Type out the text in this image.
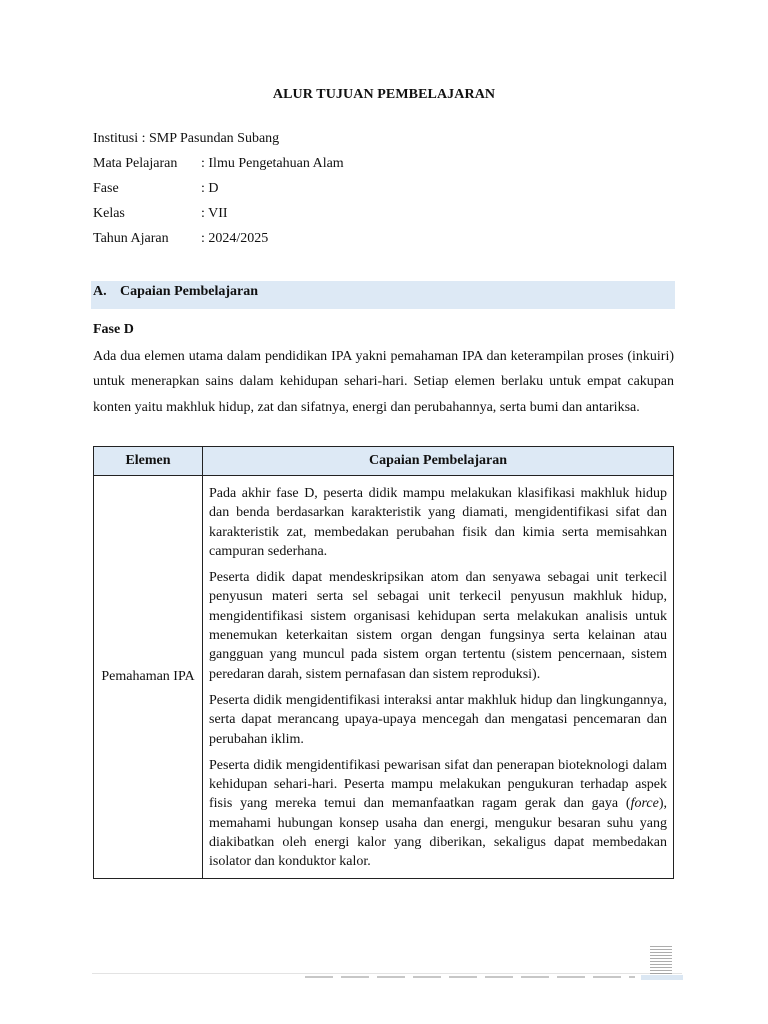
ALUR TUJUAN PEMBELAJARAN
Institusi : SMP Pasundan Subang
Mata Pelajaran	: Ilmu Pengetahuan Alam
Fase	: D
Kelas	: VII
Tahun Ajaran	: 2024/2025
A. Capaian Pembelajaran
Fase D
Ada dua elemen utama dalam pendidikan IPA yakni pemahaman IPA dan keterampilan proses (inkuiri) untuk menerapkan sains dalam kehidupan sehari-hari. Setiap elemen berlaku untuk empat cakupan konten yaitu makhluk hidup, zat dan sifatnya, energi dan perubahannya, serta bumi dan antariksa.
Elemen	Capaian Pembelajaran
Pemahaman IPA	Pada akhir fase D, peserta didik mampu melakukan klasifikasi makhluk hidup dan benda berdasarkan karakteristik yang diamati, mengidentifikasi sifat dan karakteristik zat, membedakan perubahan fisik dan kimia serta memisahkan campuran sederhana.

Peserta didik dapat mendeskripsikan atom dan senyawa sebagai unit terkecil penyusun materi serta sel sebagai unit terkecil penyusun makhluk hidup, mengidentifikasi sistem organisasi kehidupan serta melakukan analisis untuk menemukan keterkaitan sistem organ dengan fungsinya serta kelainan atau gangguan yang muncul pada sistem organ tertentu (sistem pencernaan, sistem peredaran darah, sistem pernafasan dan sistem reproduksi).

Peserta didik mengidentifikasi interaksi antar makhluk hidup dan lingkungannya, serta dapat merancang upaya-upaya mencegah dan mengatasi pencemaran dan perubahan iklim.

Peserta didik mengidentifikasi pewarisan sifat dan penerapan bioteknologi dalam kehidupan sehari-hari. Peserta mampu melakukan pengukuran terhadap aspek fisis yang mereka temui dan memanfaatkan ragam gerak dan gaya (force), memahami hubungan konsep usaha dan energi, mengukur besaran suhu yang diakibatkan oleh energi kalor yang diberikan, sekaligus dapat membedakan isolator dan konduktor kalor.
